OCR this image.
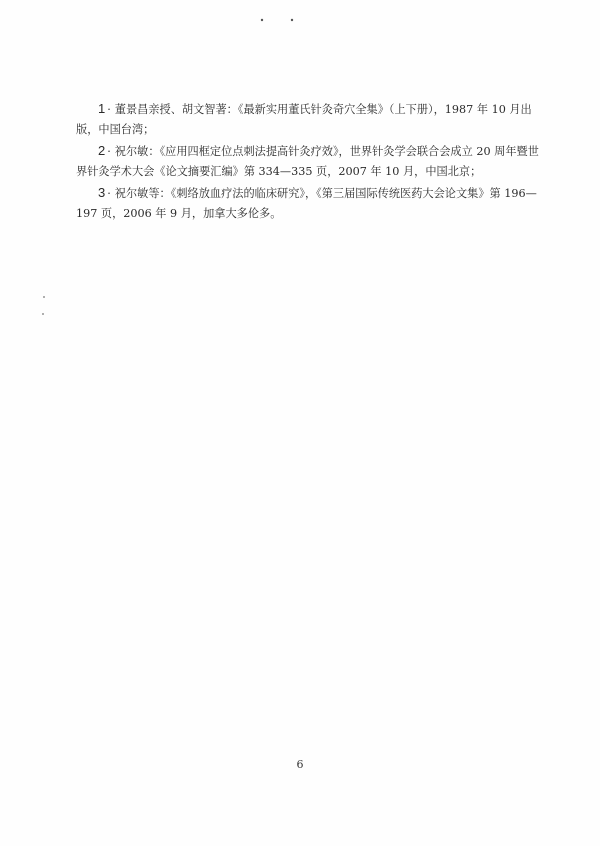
1 · 董景昌亲授、胡文智著：《最新实用董氏针灸奇穴全集》（上下册），1987 年 10 月出
版，中国台湾；
2 · 祝尔敏：《应用四框定位点刺法提高针灸疗效》，世界针灸学会联合会成立 20 周年暨世
界针灸学术大会《论文摘要汇编》第 334—335 页，2007 年 10 月，中国北京；
3 · 祝尔敏等：《刺络放血疗法的临床研究》，《第三届国际传统医药大会论文集》第 196—
197 页，2006 年 9 月，加拿大多伦多。
6
